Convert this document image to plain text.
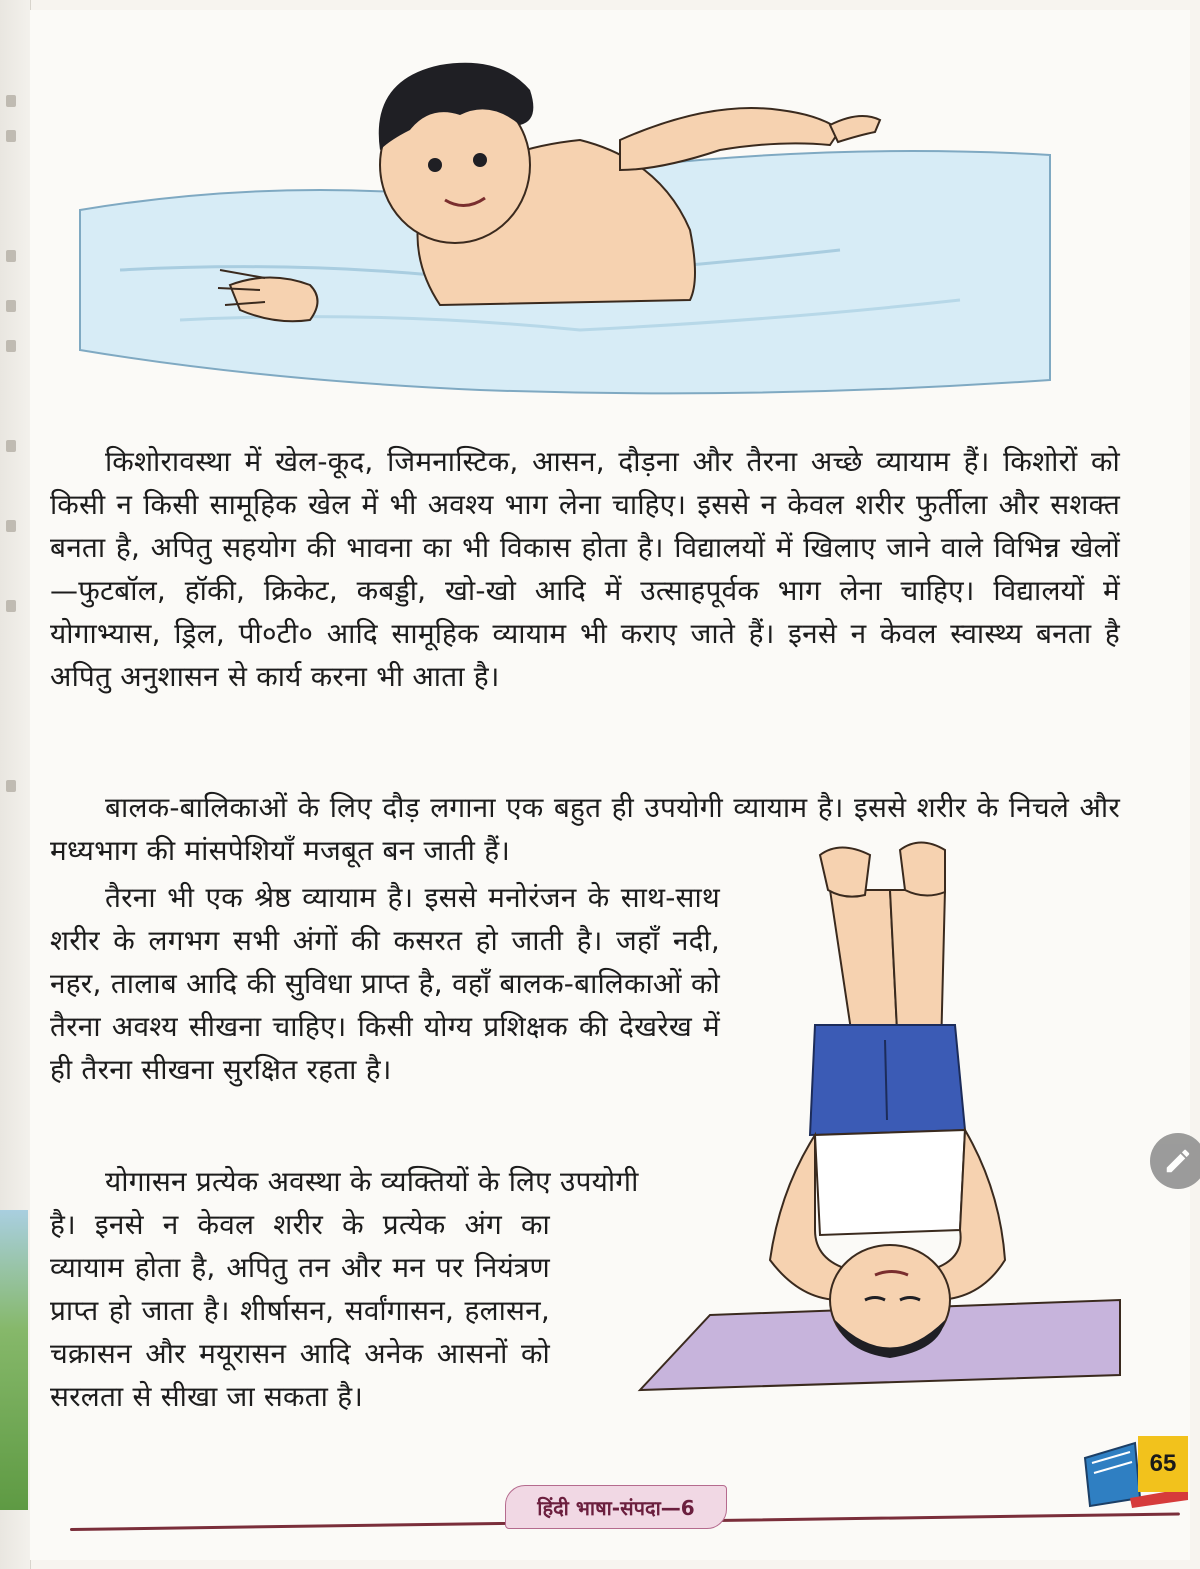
किशोरावस्था में खेल-कूद, जिमनास्टिक, आसन, दौड़ना और तैरना अच्छे व्यायाम हैं। किशोरों को किसी न किसी सामूहिक खेल में भी अवश्य भाग लेना चाहिए। इससे न केवल शरीर फुर्तीला और सशक्त बनता है, अपितु सहयोग की भावना का भी विकास होता है। विद्यालयों में खिलाए जाने वाले विभिन्न खेलों—फुटबॉल, हॉकी, क्रिकेट, कबड्डी, खो-खो आदि में उत्साहपूर्वक भाग लेना चाहिए। विद्यालयों में योगाभ्यास, ड्रिल, पी०टी० आदि सामूहिक व्यायाम भी कराए जाते हैं। इनसे न केवल स्वास्थ्य बनता है अपितु अनुशासन से कार्य करना भी आता है।
बालक-बालिकाओं के लिए दौड़ लगाना एक बहुत ही उपयोगी व्यायाम है। इससे शरीर के निचले और मध्यभाग की मांसपेशियाँ मजबूत बन जाती हैं।
तैरना भी एक श्रेष्ठ व्यायाम है। इससे मनोरंजन के साथ-साथ शरीर के लगभग सभी अंगों की कसरत हो जाती है। जहाँ नदी, नहर, तालाब आदि की सुविधा प्राप्त है, वहाँ बालक-बालिकाओं को तैरना अवश्य सीखना चाहिए। किसी योग्य प्रशिक्षक की देखरेख में ही तैरना सीखना सुरक्षित रहता है।
योगासन प्रत्येक अवस्था के व्यक्तियों के लिए उपयोगी
है। इनसे न केवल शरीर के प्रत्येक अंग का व्यायाम होता है, अपितु तन और मन पर नियंत्रण प्राप्त हो जाता है। शीर्षासन, सर्वांगासन, हलासन, चक्रासन और मयूरासन आदि अनेक आसनों को सरलता से सीखा जा सकता है।
हिंदी भाषा-संपदा—6
65
